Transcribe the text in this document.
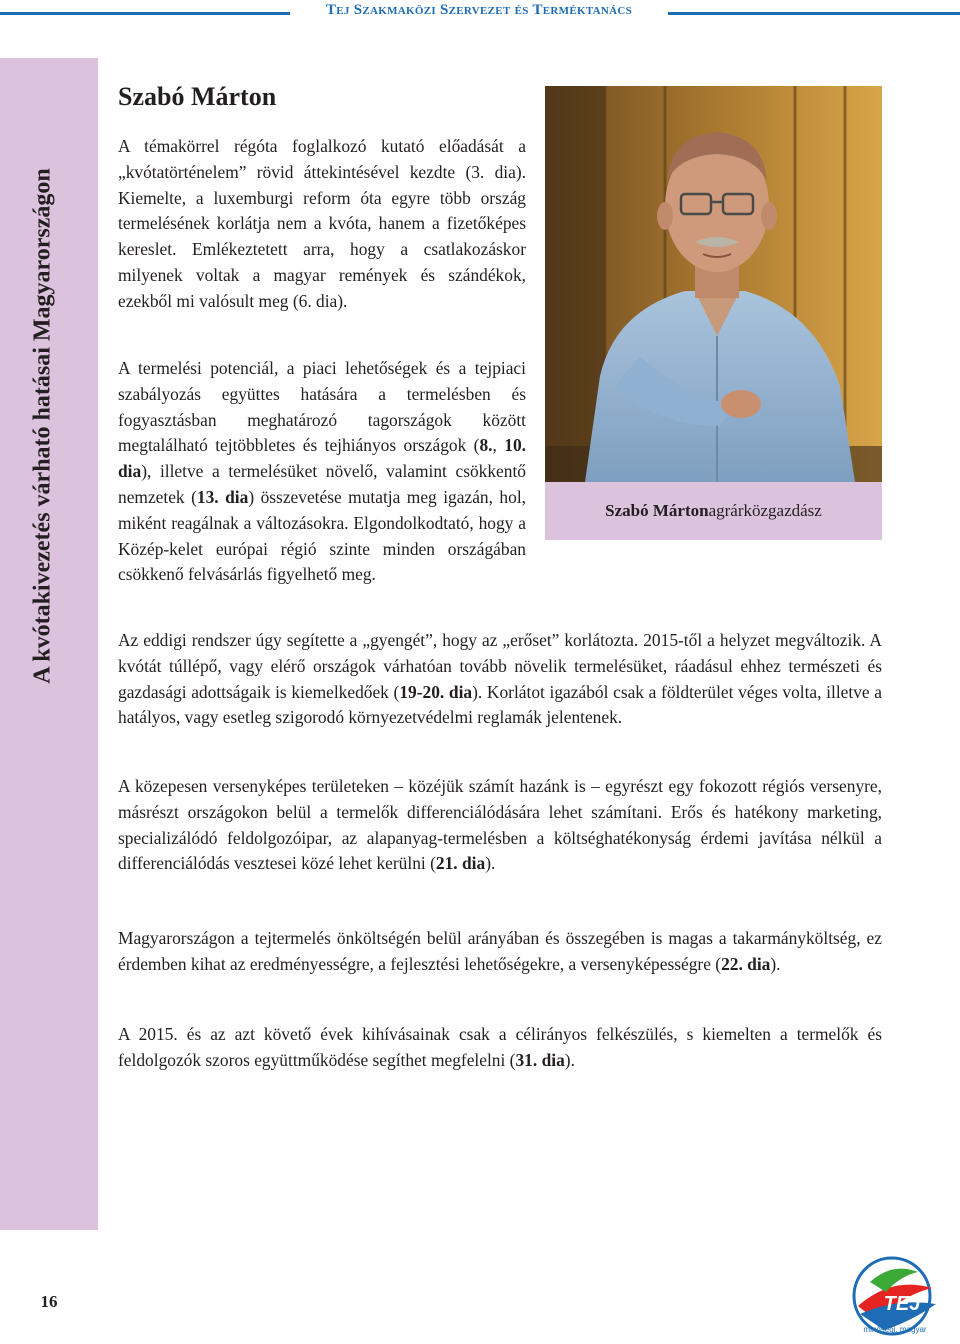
Tej Szakmaközi Szervezet és Terméktanács
A kvótakivezetés várható hatásai Magyarországon
16
Szabó Márton

A témakörrel régóta foglalkozó kutató előadását a „kvótatörténelem” rövid áttekintésével kezdte (3. dia). Kiemelte, a luxemburgi reform óta egyre több ország termelésének korlátja nem a kvóta, hanem a fizetőképes kereslet. Emlékeztetett arra, hogy a csatlakozáskor milyenek voltak a magyar remények és szándékok, ezekből mi valósult meg (6. dia).

A termelési potenciál, a piaci lehetőségek és a tejpiaci szabályozás együttes hatására a termelésben és fogyasztásban meghatározó tagországok között megtalálható tejtöbbletes és tejhiányos országok (8., 10. dia), illetve a termelésüket növelő, valamint csökkentő nemzetek (13. dia) összevetése mutatja meg igazán, hol, miként reagálnak a változásokra. Elgondolkodtató, hogy a Közép-kelet európai régió szinte minden országában csökkenő felvásárlás figyelhető meg.

Az eddigi rendszer úgy segítette a „gyengét”, hogy az „erőset” korlátozta. 2015-től a helyzet megváltozik. A kvótát túllépő, vagy elérő országok várhatóan tovább növelik termelésüket, ráadásul ehhez természeti és gazdasági adottságaik is kiemelkedőek (19-20. dia). Korlátot igazából csak a földterület véges volta, illetve a hatályos, vagy esetleg szigorodó környezetvédelmi reglamák jelentenek.

A közepesen versenyképes területeken – közéjük számít hazánk is – egyrészt egy fokozott régiós versenyre, másrészt országokon belül a termelők differenciálódására lehet számítani. Erős és hatékony marketing, specializálódó feldolgozóipar, az alapanyag-termelésben a költséghatékonyság érdemi javítása nélkül a differenciálódás vesztesei közé lehet kerülni (21. dia).

Magyarországon a tejtermelés önköltségén belül arányában és összegében is magas a takarmányköltség, ez érdemben kihat az eredményességre, a fejlesztési lehetőségekre, a versenyképességre (22. dia).

A 2015. és az azt követő évek kihívásainak csak a célirányos felkészülés, s kiemelten a termelők és feldolgozók szoros együttműködése segíthet megfelelni (31. dia).

Szabó Márton agrárközgazdász
TEJ
minőségi, magyar
